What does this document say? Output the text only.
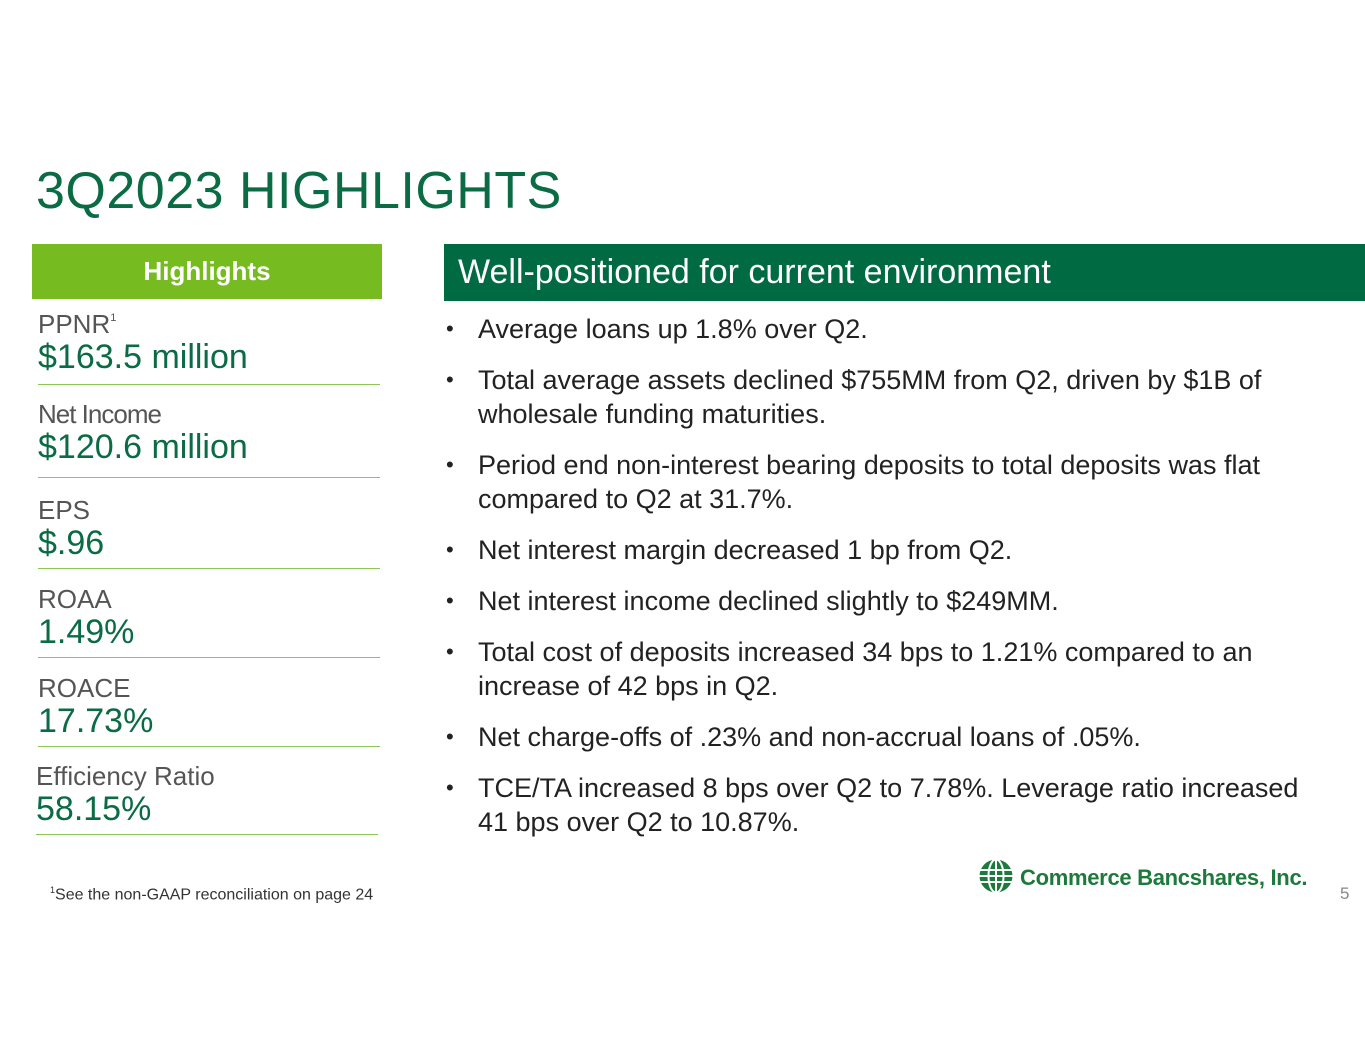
3Q2023 HIGHLIGHTS
Highlights
PPNR$^1$
$163.5 million
Net Income
$120.6 million
EPS
$.96
ROAA
1.49%
ROACE
17.73%
Efficiency Ratio
58.15%
Well-positioned for current environment
• Average loans up 1.8% over Q2.
• Total average assets declined $755MM from Q2, driven by $1B of wholesale funding maturities.
• Period end non-interest bearing deposits to total deposits was flat compared to Q2 at 31.7%.
• Net interest margin decreased 1 bp from Q2.
• Net interest income declined slightly to $249MM.
• Total cost of deposits increased 34 bps to 1.21% compared to an increase of 42 bps in Q2.
• Net charge-offs of .23% and non-accrual loans of .05%.
• TCE/TA increased 8 bps over Q2 to 7.78%. Leverage ratio increased 41 bps over Q2 to 10.87%.
$^1$See the non-GAAP reconciliation on page 24
Commerce Bancshares, Inc.
5
